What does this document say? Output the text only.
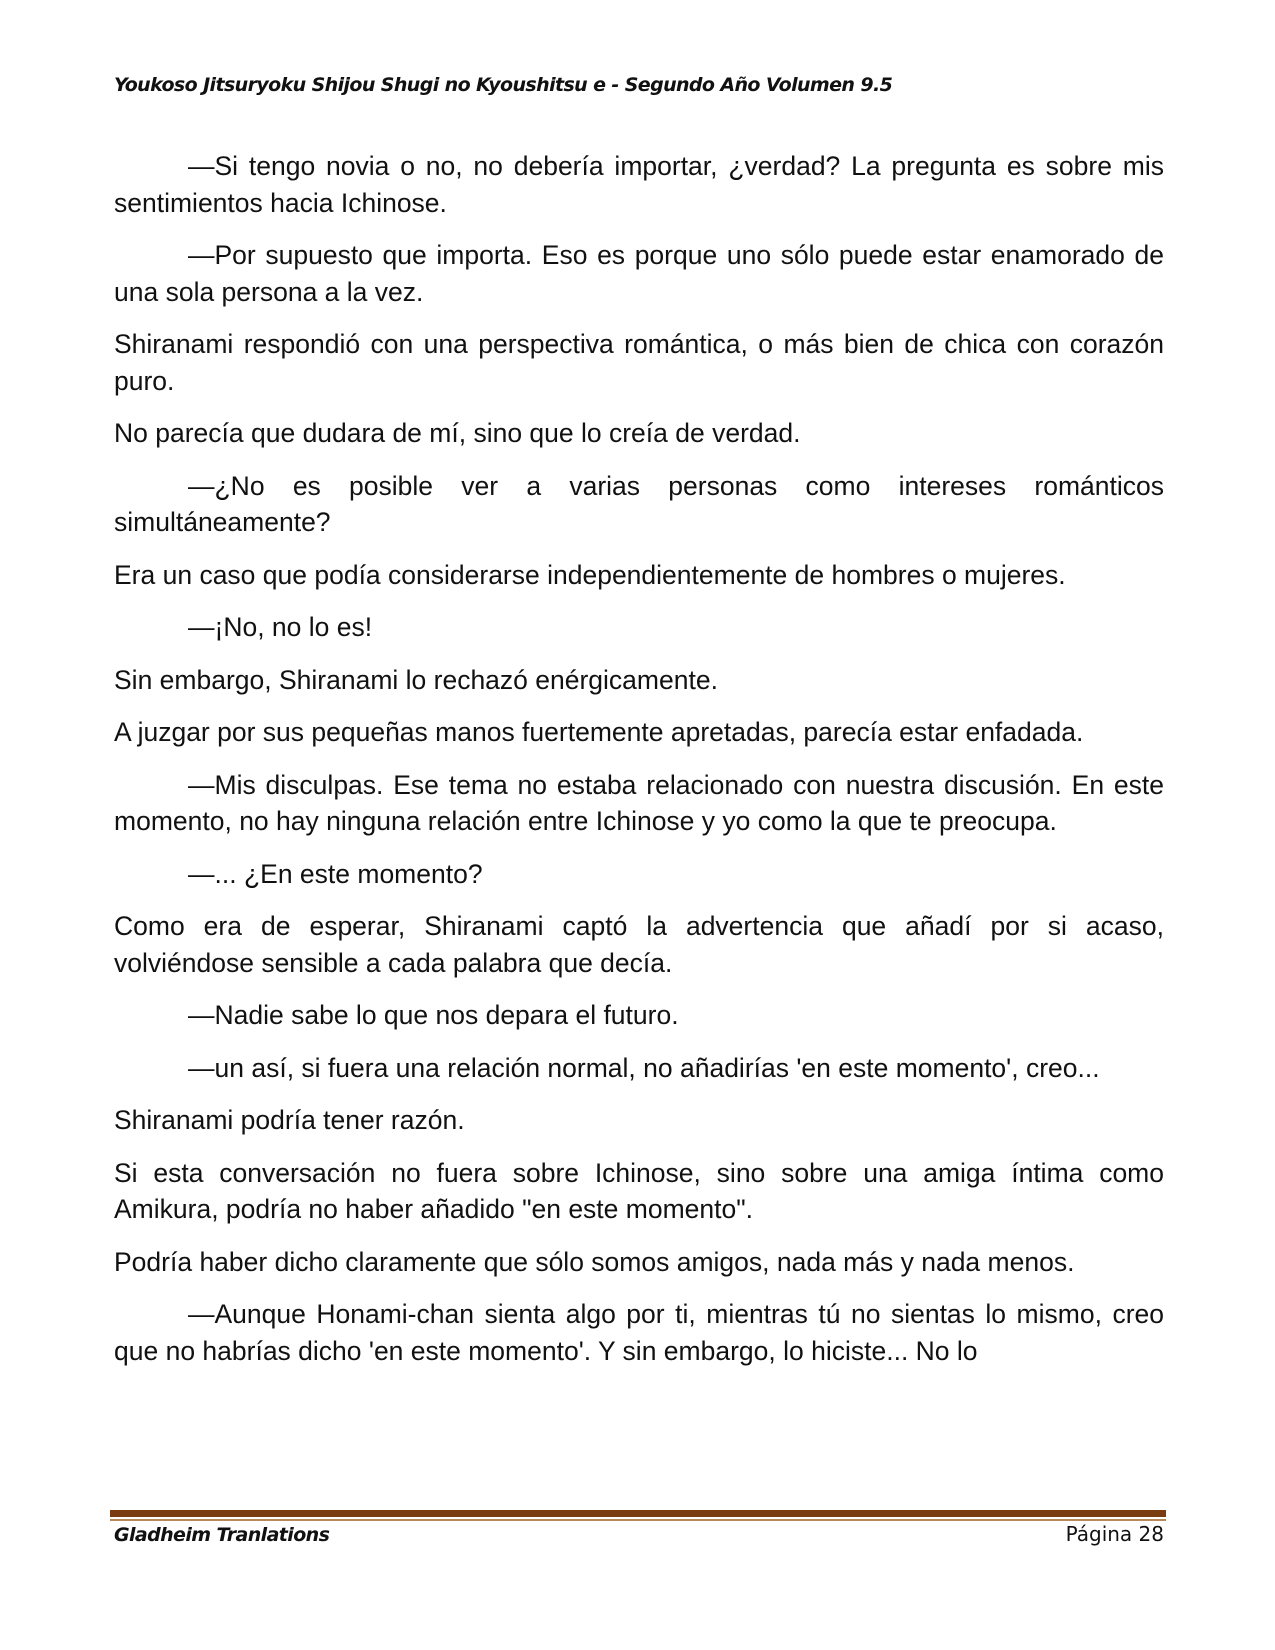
Youkoso Jitsuryoku Shijou Shugi no Kyoushitsu e - Segundo Año Volumen 9.5

—Si tengo novia o no, no debería importar, ¿verdad? La pregunta es sobre mis sentimientos hacia Ichinose.

—Por supuesto que importa. Eso es porque uno sólo puede estar enamorado de una sola persona a la vez.

Shiranami respondió con una perspectiva romántica, o más bien de chica con corazón puro.

No parecía que dudara de mí, sino que lo creía de verdad.

—¿No es posible ver a varias personas como intereses románticos simultáneamente?

Era un caso que podía considerarse independientemente de hombres o mujeres.

—¡No, no lo es!

Sin embargo, Shiranami lo rechazó enérgicamente.

A juzgar por sus pequeñas manos fuertemente apretadas, parecía estar enfadada.

—Mis disculpas. Ese tema no estaba relacionado con nuestra discusión. En este momento, no hay ninguna relación entre Ichinose y yo como la que te preocupa.

—... ¿En este momento?

Como era de esperar, Shiranami captó la advertencia que añadí por si acaso, volviéndose sensible a cada palabra que decía.

—Nadie sabe lo que nos depara el futuro.

—un así, si fuera una relación normal, no añadirías 'en este momento', creo...

Shiranami podría tener razón.

Si esta conversación no fuera sobre Ichinose, sino sobre una amiga íntima como Amikura, podría no haber añadido "en este momento".

Podría haber dicho claramente que sólo somos amigos, nada más y nada menos.

—Aunque Honami-chan sienta algo por ti, mientras tú no sientas lo mismo, creo que no habrías dicho 'en este momento'. Y sin embargo, lo hiciste... No lo

Gladheim Tranlations	Página 28
